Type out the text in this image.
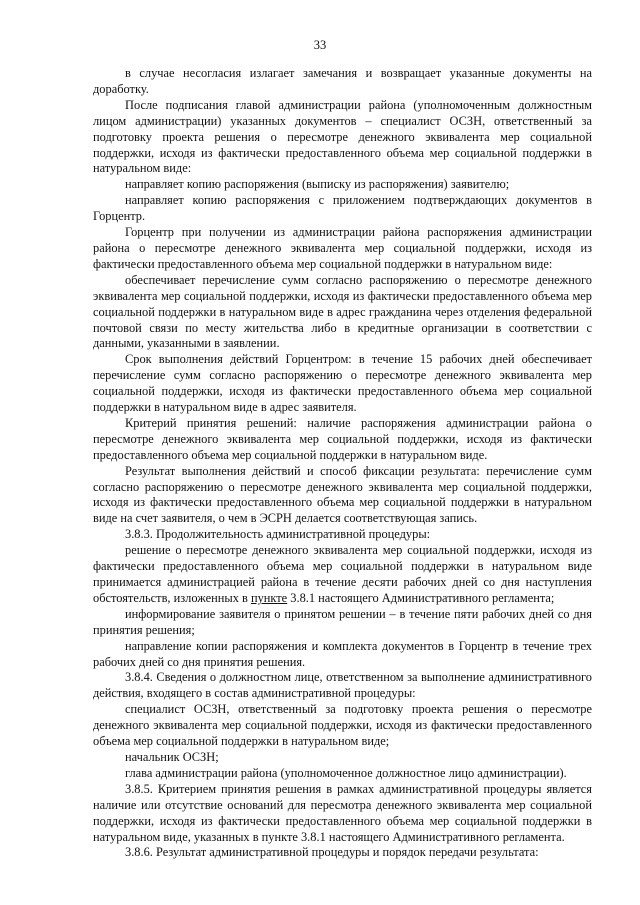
33

в случае несогласия излагает замечания и возвращает указанные документы на доработку.

После подписания главой администрации района (уполномоченным должностным лицом администрации) указанных документов – специалист ОСЗН, ответственный за подготовку проекта решения о пересмотре денежного эквивалента мер социальной поддержки, исходя из фактически предоставленного объема мер социальной поддержки в натуральном виде:

направляет копию распоряжения (выписку из распоряжения) заявителю;

направляет копию распоряжения с приложением подтверждающих документов в Горцентр.

Горцентр при получении из администрации района распоряжения администрации района о пересмотре денежного эквивалента мер социальной поддержки, исходя из фактически предоставленного объема мер социальной поддержки в натуральном виде:

обеспечивает перечисление сумм согласно распоряжению о пересмотре денежного эквивалента мер социальной поддержки, исходя из фактически предоставленного объема мер социальной поддержки в натуральном виде в адрес гражданина через отделения федеральной почтовой связи по месту жительства либо в кредитные организации в соответствии с данными, указанными в заявлении.

Срок выполнения действий Горцентром: в течение 15 рабочих дней обеспечивает перечисление сумм согласно распоряжению о пересмотре денежного эквивалента мер социальной поддержки, исходя из фактически предоставленного объема мер социальной поддержки в натуральном виде в адрес заявителя.

Критерий принятия решений: наличие распоряжения администрации района о пересмотре денежного эквивалента мер социальной поддержки, исходя из фактически предоставленного объема мер социальной поддержки в натуральном виде.

Результат выполнения действий и способ фиксации результата: перечисление сумм согласно распоряжению о пересмотре денежного эквивалента мер социальной поддержки, исходя из фактически предоставленного объема мер социальной поддержки в натуральном виде на счет заявителя, о чем в ЭСРН делается соответствующая запись.

3.8.3. Продолжительность административной процедуры:

решение о пересмотре денежного эквивалента мер социальной поддержки, исходя из фактически предоставленного объема мер социальной поддержки в натуральном виде принимается администрацией района в течение десяти рабочих дней со дня наступления обстоятельств, изложенных в пункте 3.8.1 настоящего Административного регламента;

информирование заявителя о принятом решении – в течение пяти рабочих дней со дня принятия решения;

направление копии распоряжения и комплекта документов в Горцентр в течение трех рабочих дней со дня принятия решения.

3.8.4. Сведения о должностном лице, ответственном за выполнение административного действия, входящего в состав административной процедуры:

специалист ОСЗН, ответственный за подготовку проекта решения о пересмотре денежного эквивалента мер социальной поддержки, исходя из фактически предоставленного объема мер социальной поддержки в натуральном виде;

начальник ОСЗН;

глава администрации района (уполномоченное должностное лицо администрации).

3.8.5. Критерием принятия решения в рамках административной процедуры является наличие или отсутствие оснований для пересмотра денежного эквивалента мер социальной поддержки, исходя из фактически предоставленного объема мер социальной поддержки в натуральном виде, указанных в пункте 3.8.1 настоящего Административного регламента.

3.8.6. Результат административной процедуры и порядок передачи результата:
